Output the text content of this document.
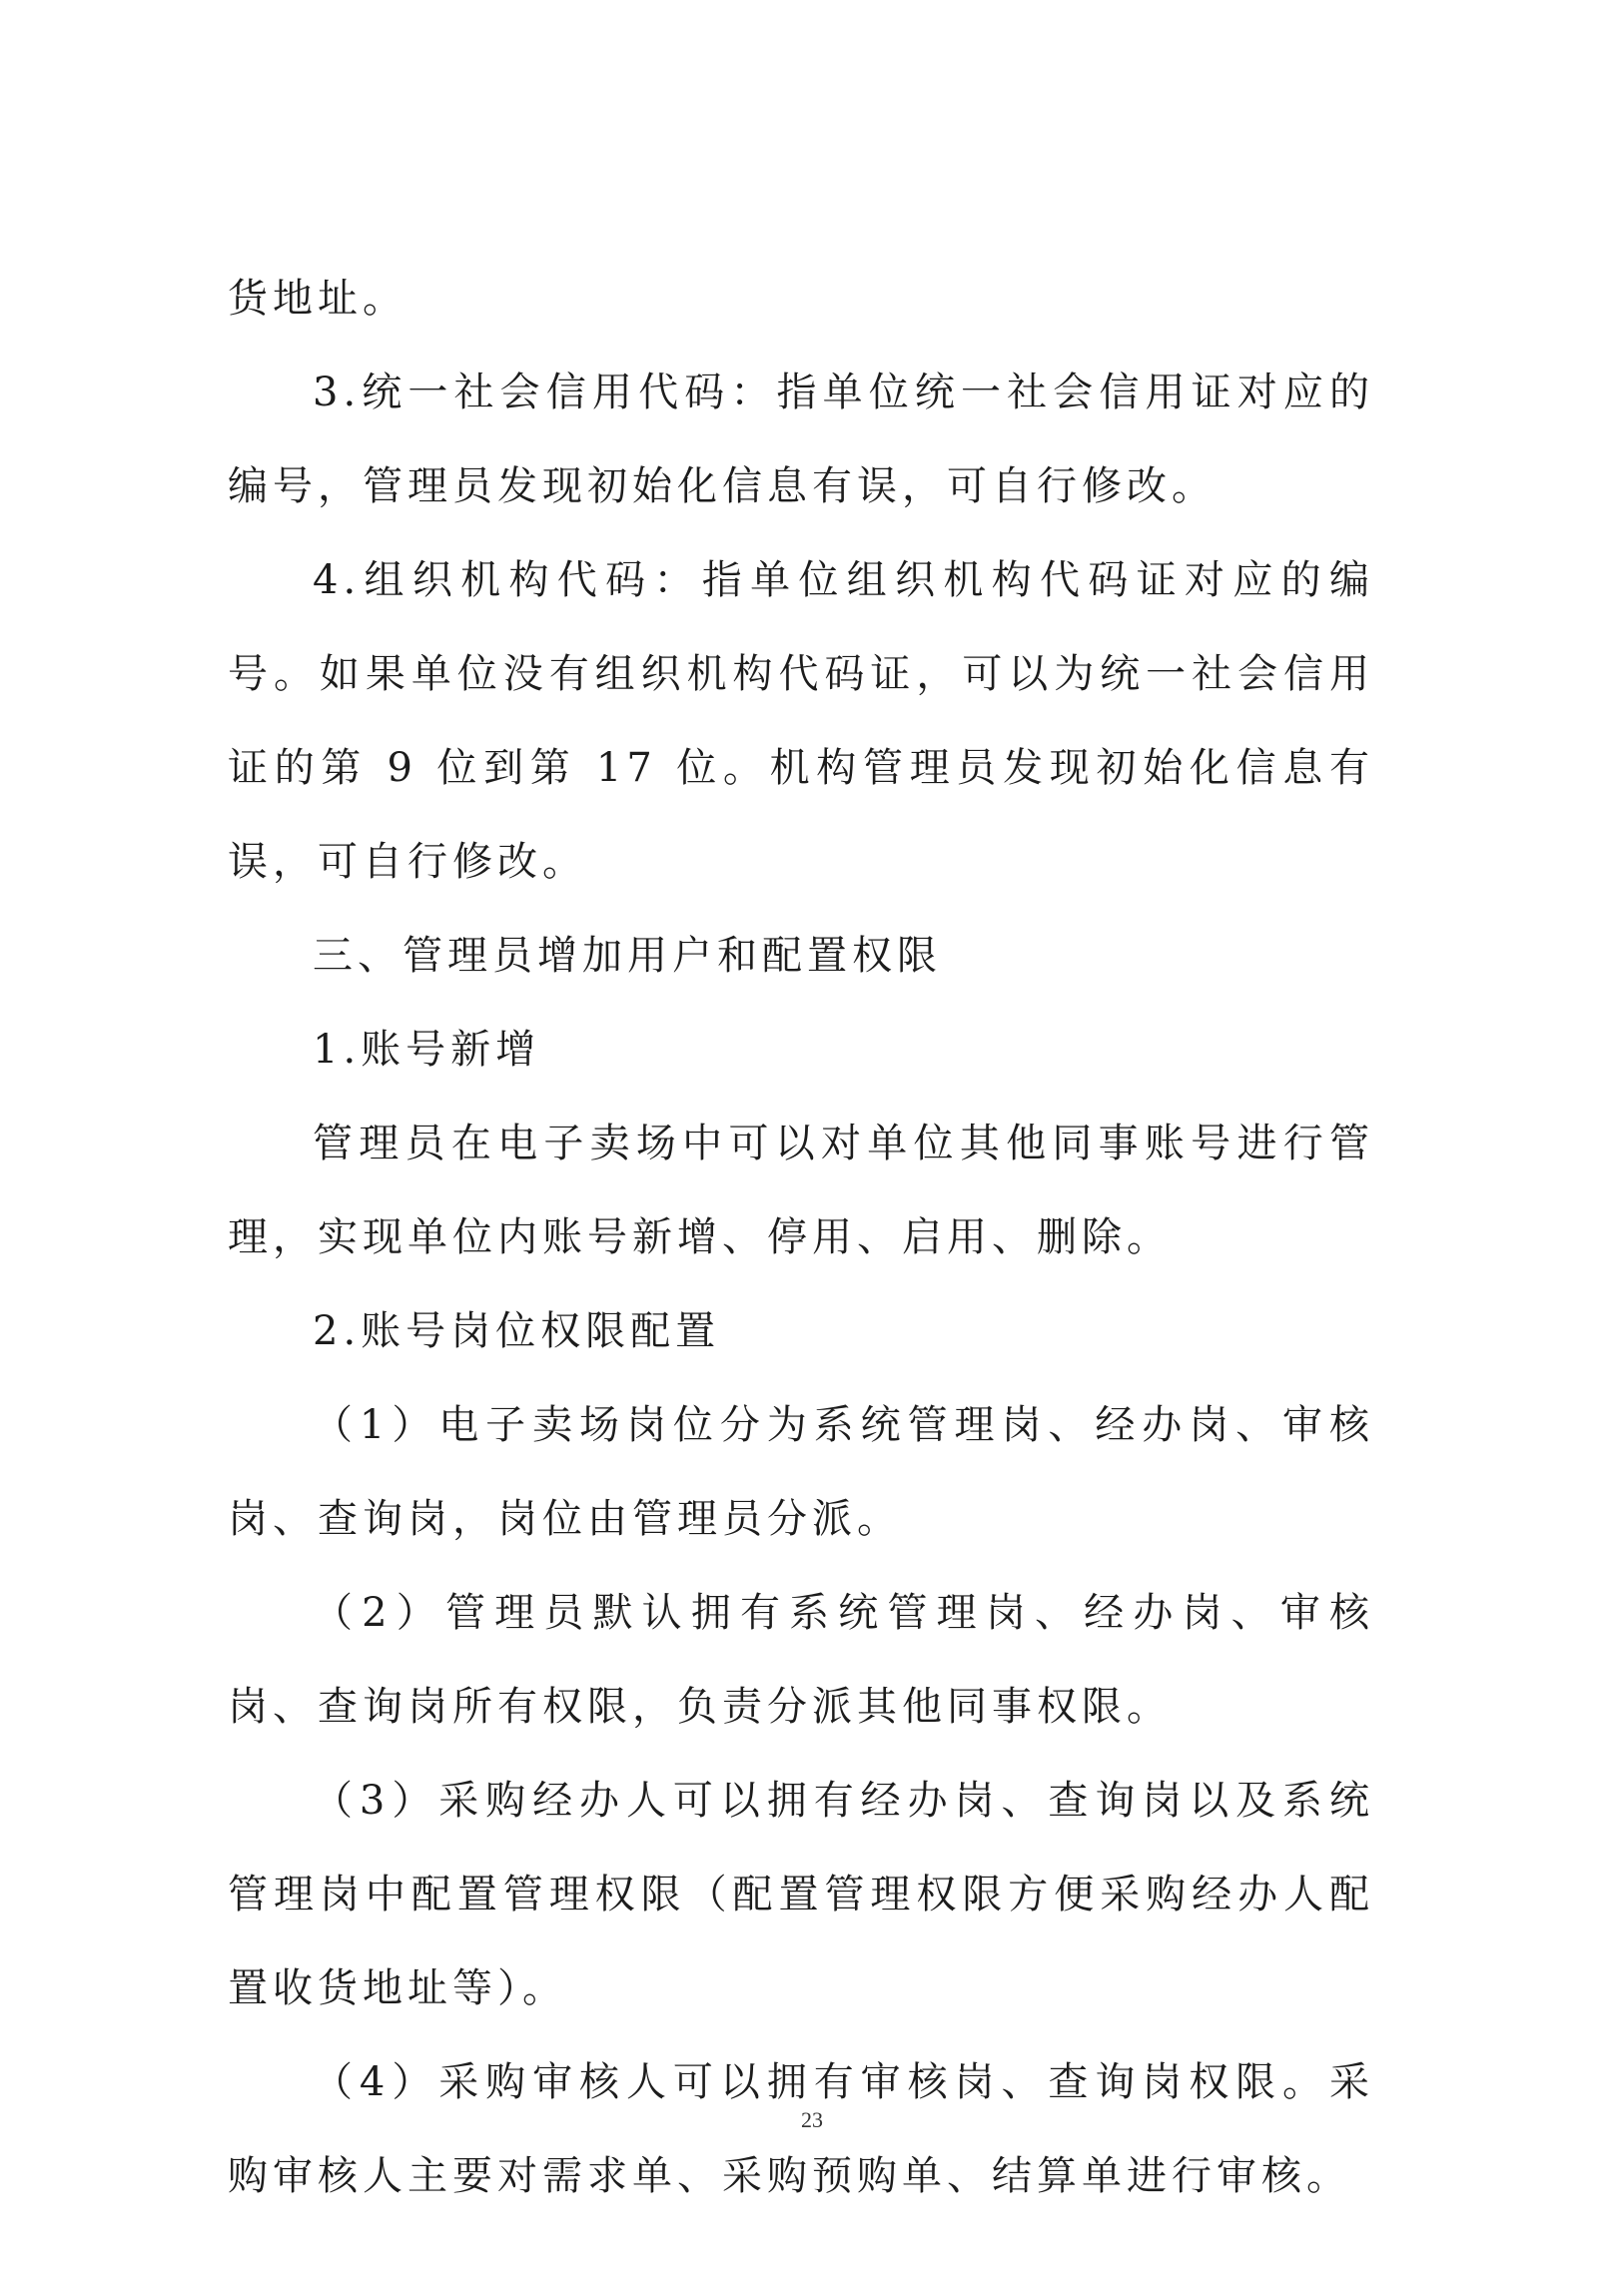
货地址。

3.统一社会信用代码：指单位统一社会信用证对应的编号，管理员发现初始化信息有误，可自行修改。

4.组织机构代码：指单位组织机构代码证对应的编号。如果单位没有组织机构代码证，可以为统一社会信用证的第 9 位到第 17 位。机构管理员发现初始化信息有误，可自行修改。

三、管理员增加用户和配置权限

1.账号新增

管理员在电子卖场中可以对单位其他同事账号进行管理，实现单位内账号新增、停用、启用、删除。

2.账号岗位权限配置

（1）电子卖场岗位分为系统管理岗、经办岗、审核岗、查询岗，岗位由管理员分派。

（2）管理员默认拥有系统管理岗、经办岗、审核岗、查询岗所有权限，负责分派其他同事权限。

（3）采购经办人可以拥有经办岗、查询岗以及系统管理岗中配置管理权限（配置管理权限方便采购经办人配置收货地址等）。

（4）采购审核人可以拥有审核岗、查询岗权限。采购审核人主要对需求单、采购预购单、结算单进行审核。

23
